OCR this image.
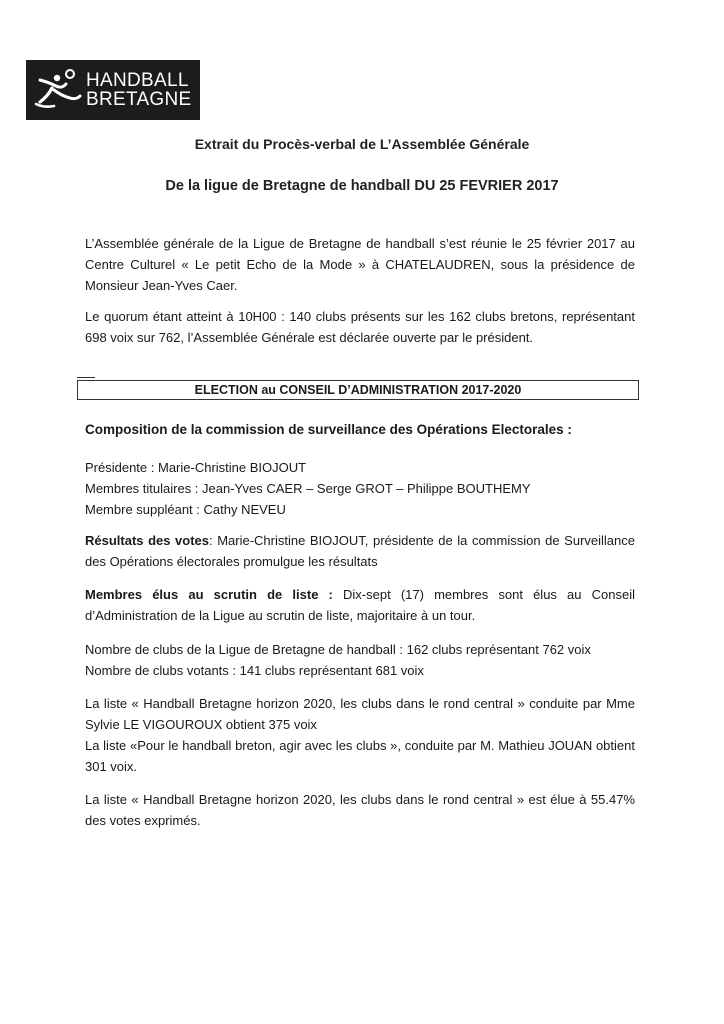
HANDBALL
BRETAGNE
Extrait du Procès-verbal de L’Assemblée Générale
De la ligue de Bretagne de handball DU 25 FEVRIER 2017

L’Assemblée générale de la Ligue de Bretagne de handball s’est réunie le 25 février 2017 au Centre Culturel « Le petit Echo de la Mode » à CHATELAUDREN, sous la présidence de Monsieur Jean-Yves Caer.

Le quorum étant atteint à 10H00 : 140 clubs présents sur les 162 clubs bretons, représentant 698 voix sur 762, l’Assemblée Générale est déclarée ouverte par le président.

ELECTION au CONSEIL D’ADMINISTRATION 2017-2020
Composition de la commission de surveillance des Opérations Electorales :

Présidente : Marie-Christine BIOJOUT
Membres titulaires : Jean-Yves CAER – Serge GROT – Philippe BOUTHEMY
Membre suppléant : Cathy NEVEU

Résultats des votes: Marie-Christine BIOJOUT, présidente de la commission de Surveillance des Opérations électorales promulgue les résultats

Membres élus au scrutin de liste : Dix-sept (17) membres sont élus au Conseil d’Administration de la Ligue au scrutin de liste, majoritaire à un tour.

Nombre de clubs de la Ligue de Bretagne de handball : 162 clubs représentant 762 voix
Nombre de clubs votants : 141 clubs représentant 681 voix

La liste « Handball Bretagne horizon 2020, les clubs dans le rond central » conduite par Mme Sylvie LE VIGOUROUX obtient 375 voix
La liste «Pour le handball breton, agir avec les clubs », conduite par M. Mathieu JOUAN obtient 301 voix.

La liste « Handball Bretagne horizon 2020, les clubs dans le rond central » est élue à 55.47% des votes exprimés.
